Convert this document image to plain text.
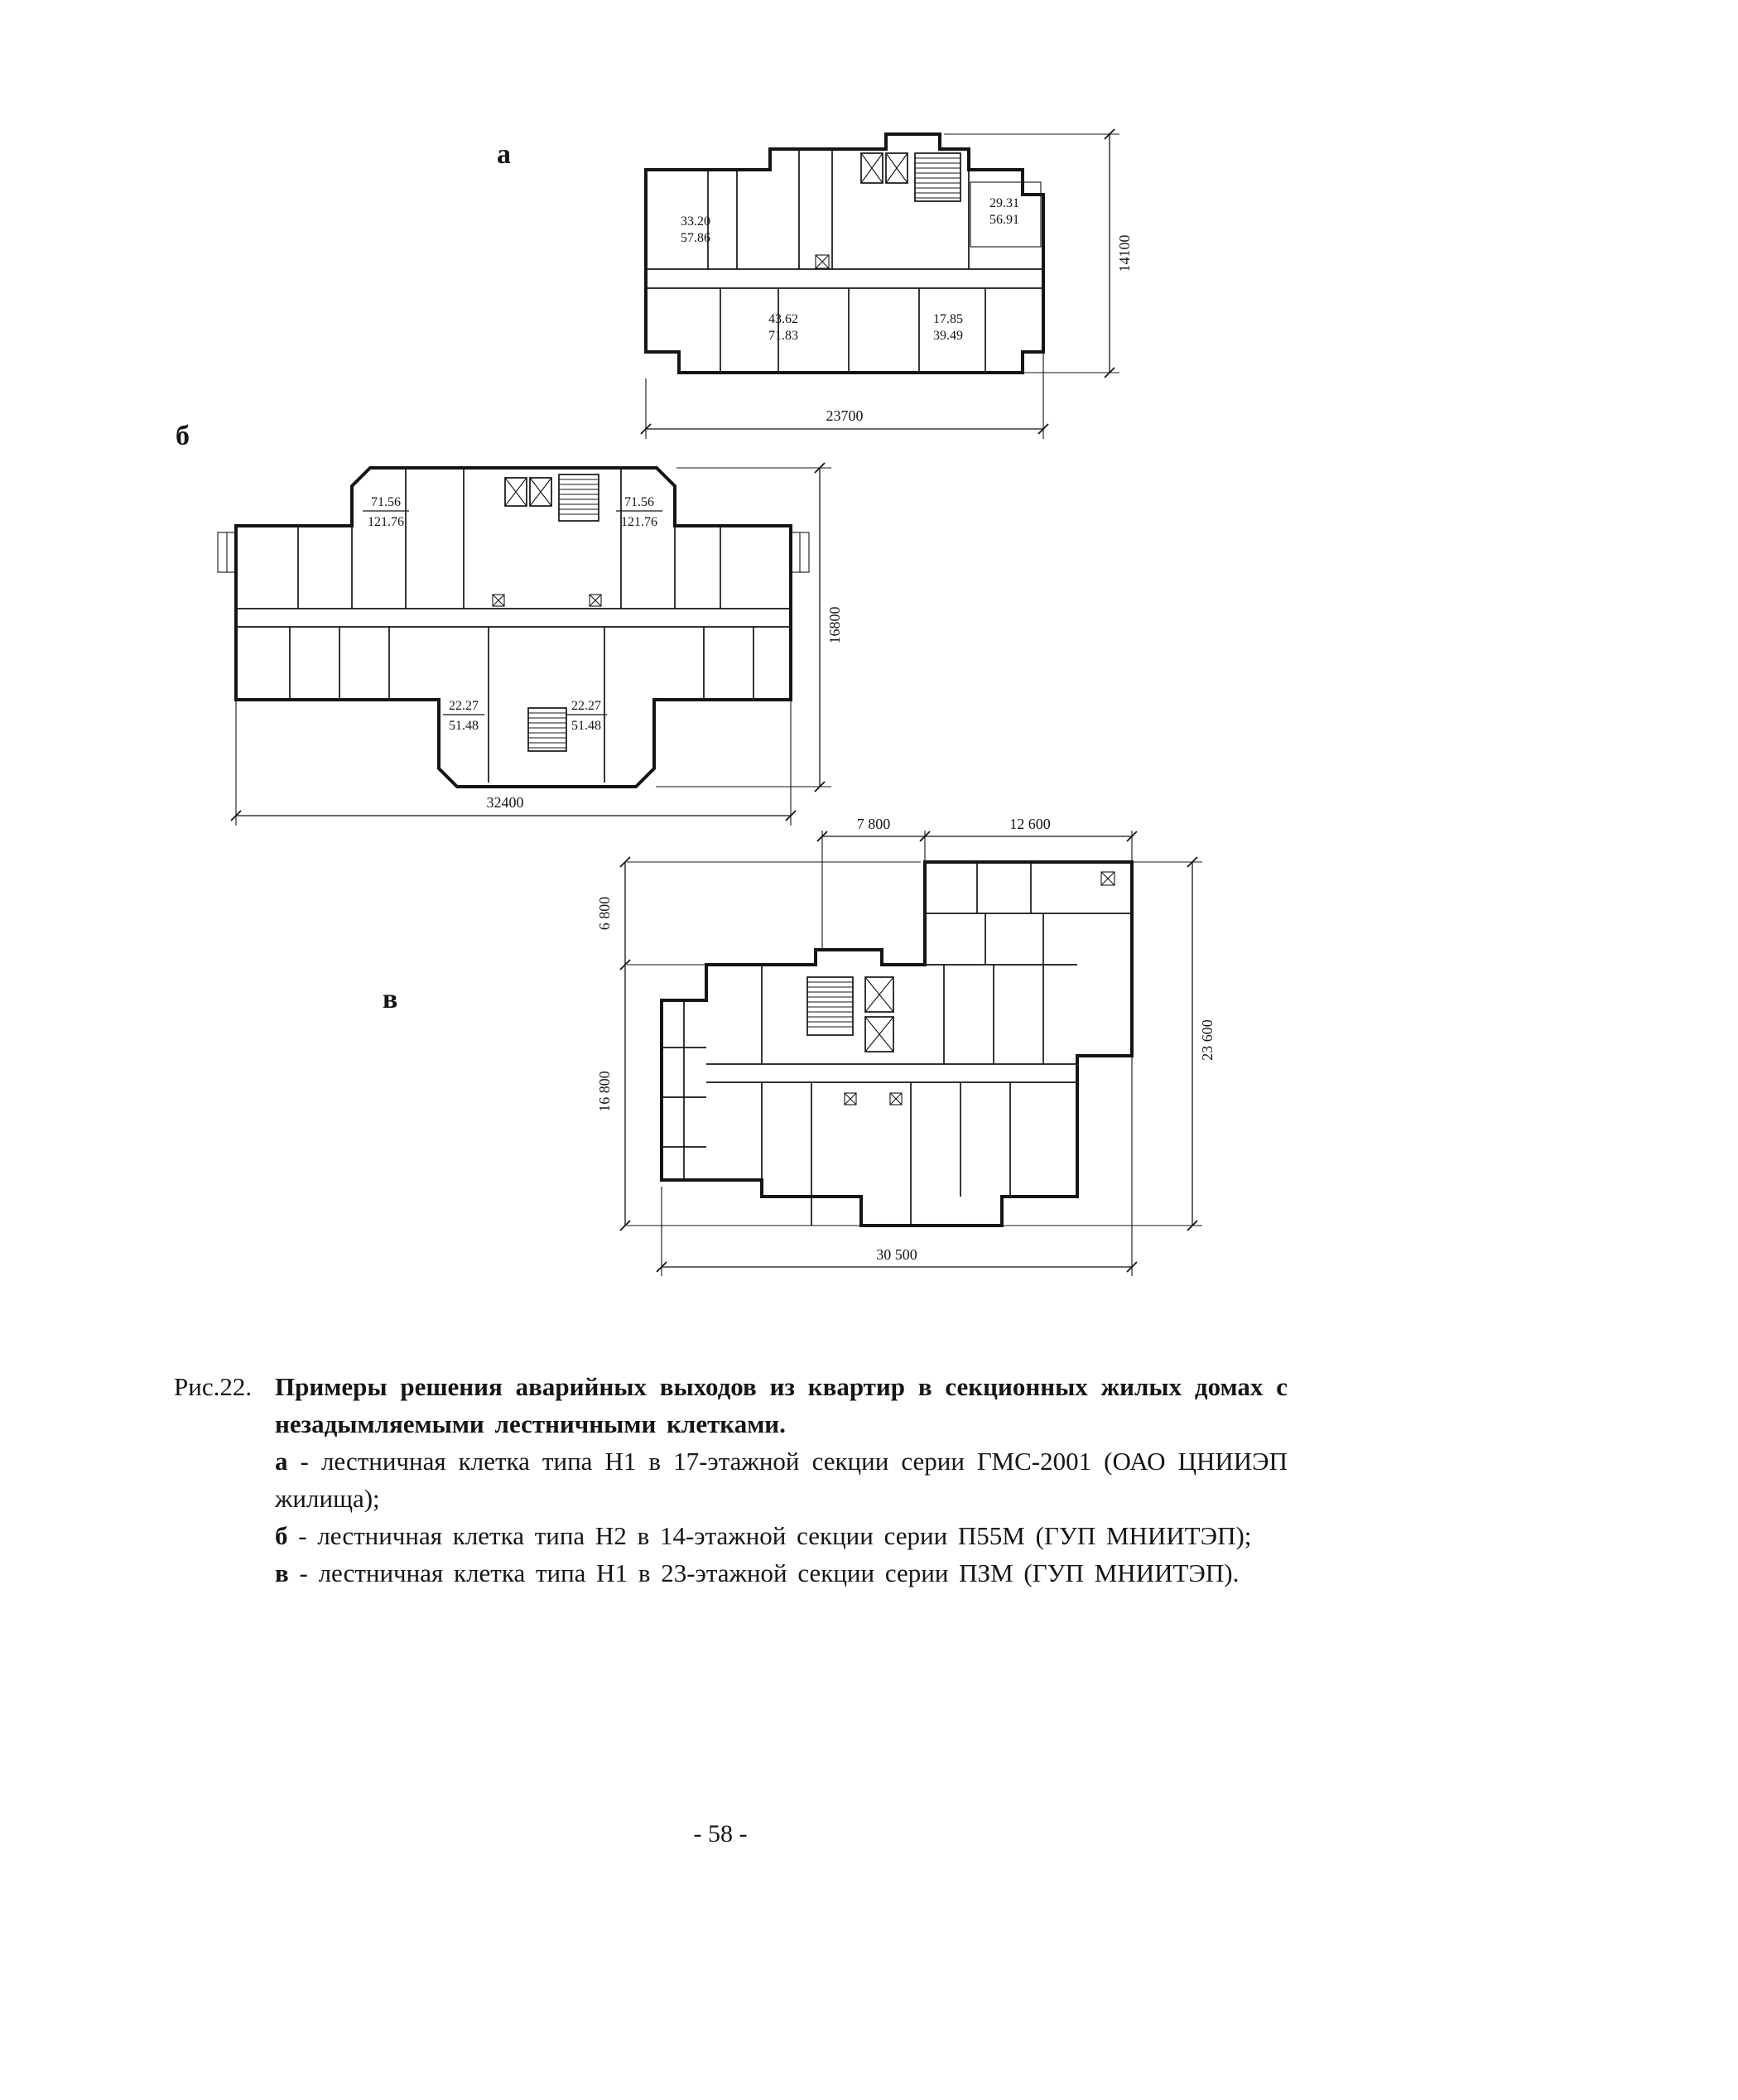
а
33.20
57.86
29.31
56.91
43.62
71.83
17.85
39.49
14100
23700
б
71.56
121.76
71.56
121.76
22.27
51.48
22.27
51.48
16800
32400
в
7 800	12 600
6 800
16 800
23 600
30 500
Рис.22. Примеры решения аварийных выходов из квартир в секционных жилых домах с незадымляемыми лестничными клетками.

а - лестничная клетка типа Н1 в 17-этажной секции серии ГМС-2001 (ОАО ЦНИИЭП жилища);

б - лестничная клетка типа Н2 в 14-этажной секции серии П55М (ГУП МНИИТЭП);

в - лестничная клетка типа Н1 в 23-этажной секции серии ПЗМ (ГУП МНИИТЭП).

- 58 -
